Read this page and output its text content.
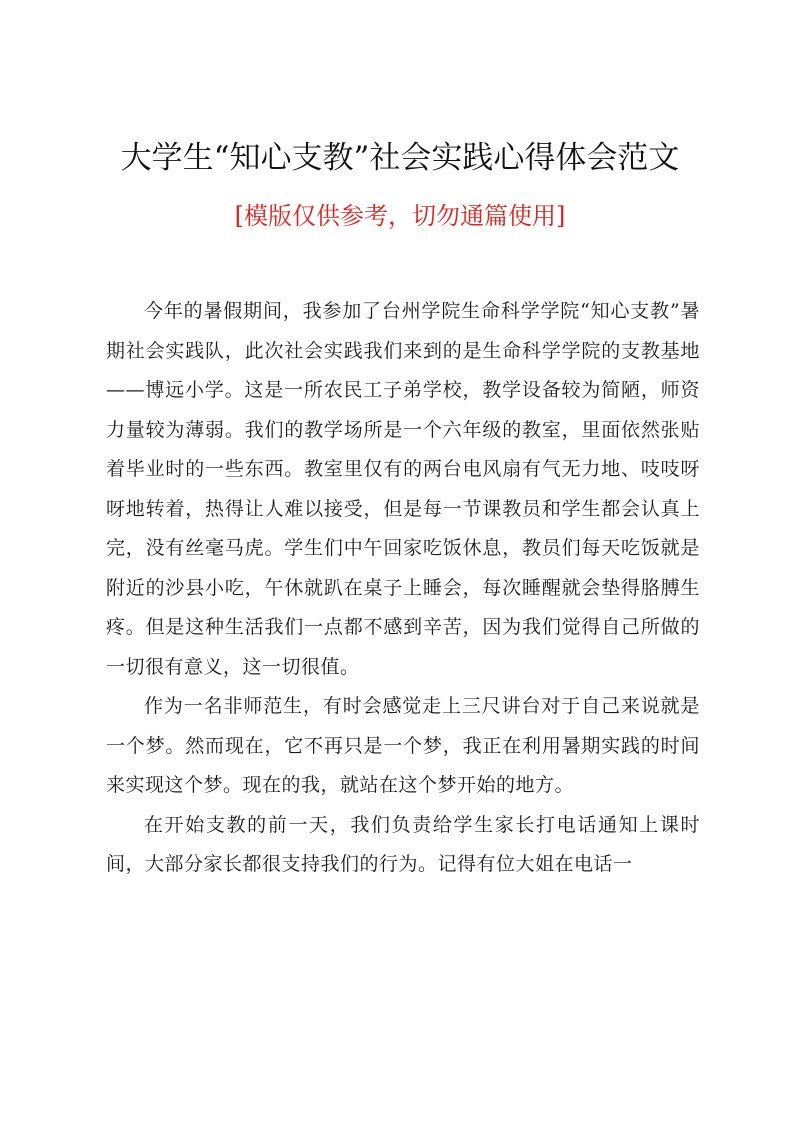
大学生“知心支教”社会实践心得体会范文
[模版仅供参考，切勿通篇使用]

今年的暑假期间，我参加了台州学院生命科学学院“知心支教”暑期社会实践队，此次社会实践我们来到的是生命科学学院的支教基地——博远小学。这是一所农民工子弟学校，教学设备较为简陋，师资力量较为薄弱。我们的教学场所是一个六年级的教室，里面依然张贴着毕业时的一些东西。教室里仅有的两台电风扇有气无力地、吱吱呀呀地转着，热得让人难以接受，但是每一节课教员和学生都会认真上完，没有丝毫马虎。学生们中午回家吃饭休息，教员们每天吃饭就是附近的沙县小吃，午休就趴在桌子上睡会，每次睡醒就会垫得胳膊生疼。但是这种生活我们一点都不感到辛苦，因为我们觉得自己所做的一切很有意义，这一切很值。

作为一名非师范生，有时会感觉走上三尺讲台对于自己来说就是一个梦。然而现在，它不再只是一个梦，我正在利用暑期实践的时间来实现这个梦。现在的我，就站在这个梦开始的地方。

在开始支教的前一天，我们负责给学生家长打电话通知上课时间，大部分家长都很支持我们的行为。记得有位大姐在电话一
